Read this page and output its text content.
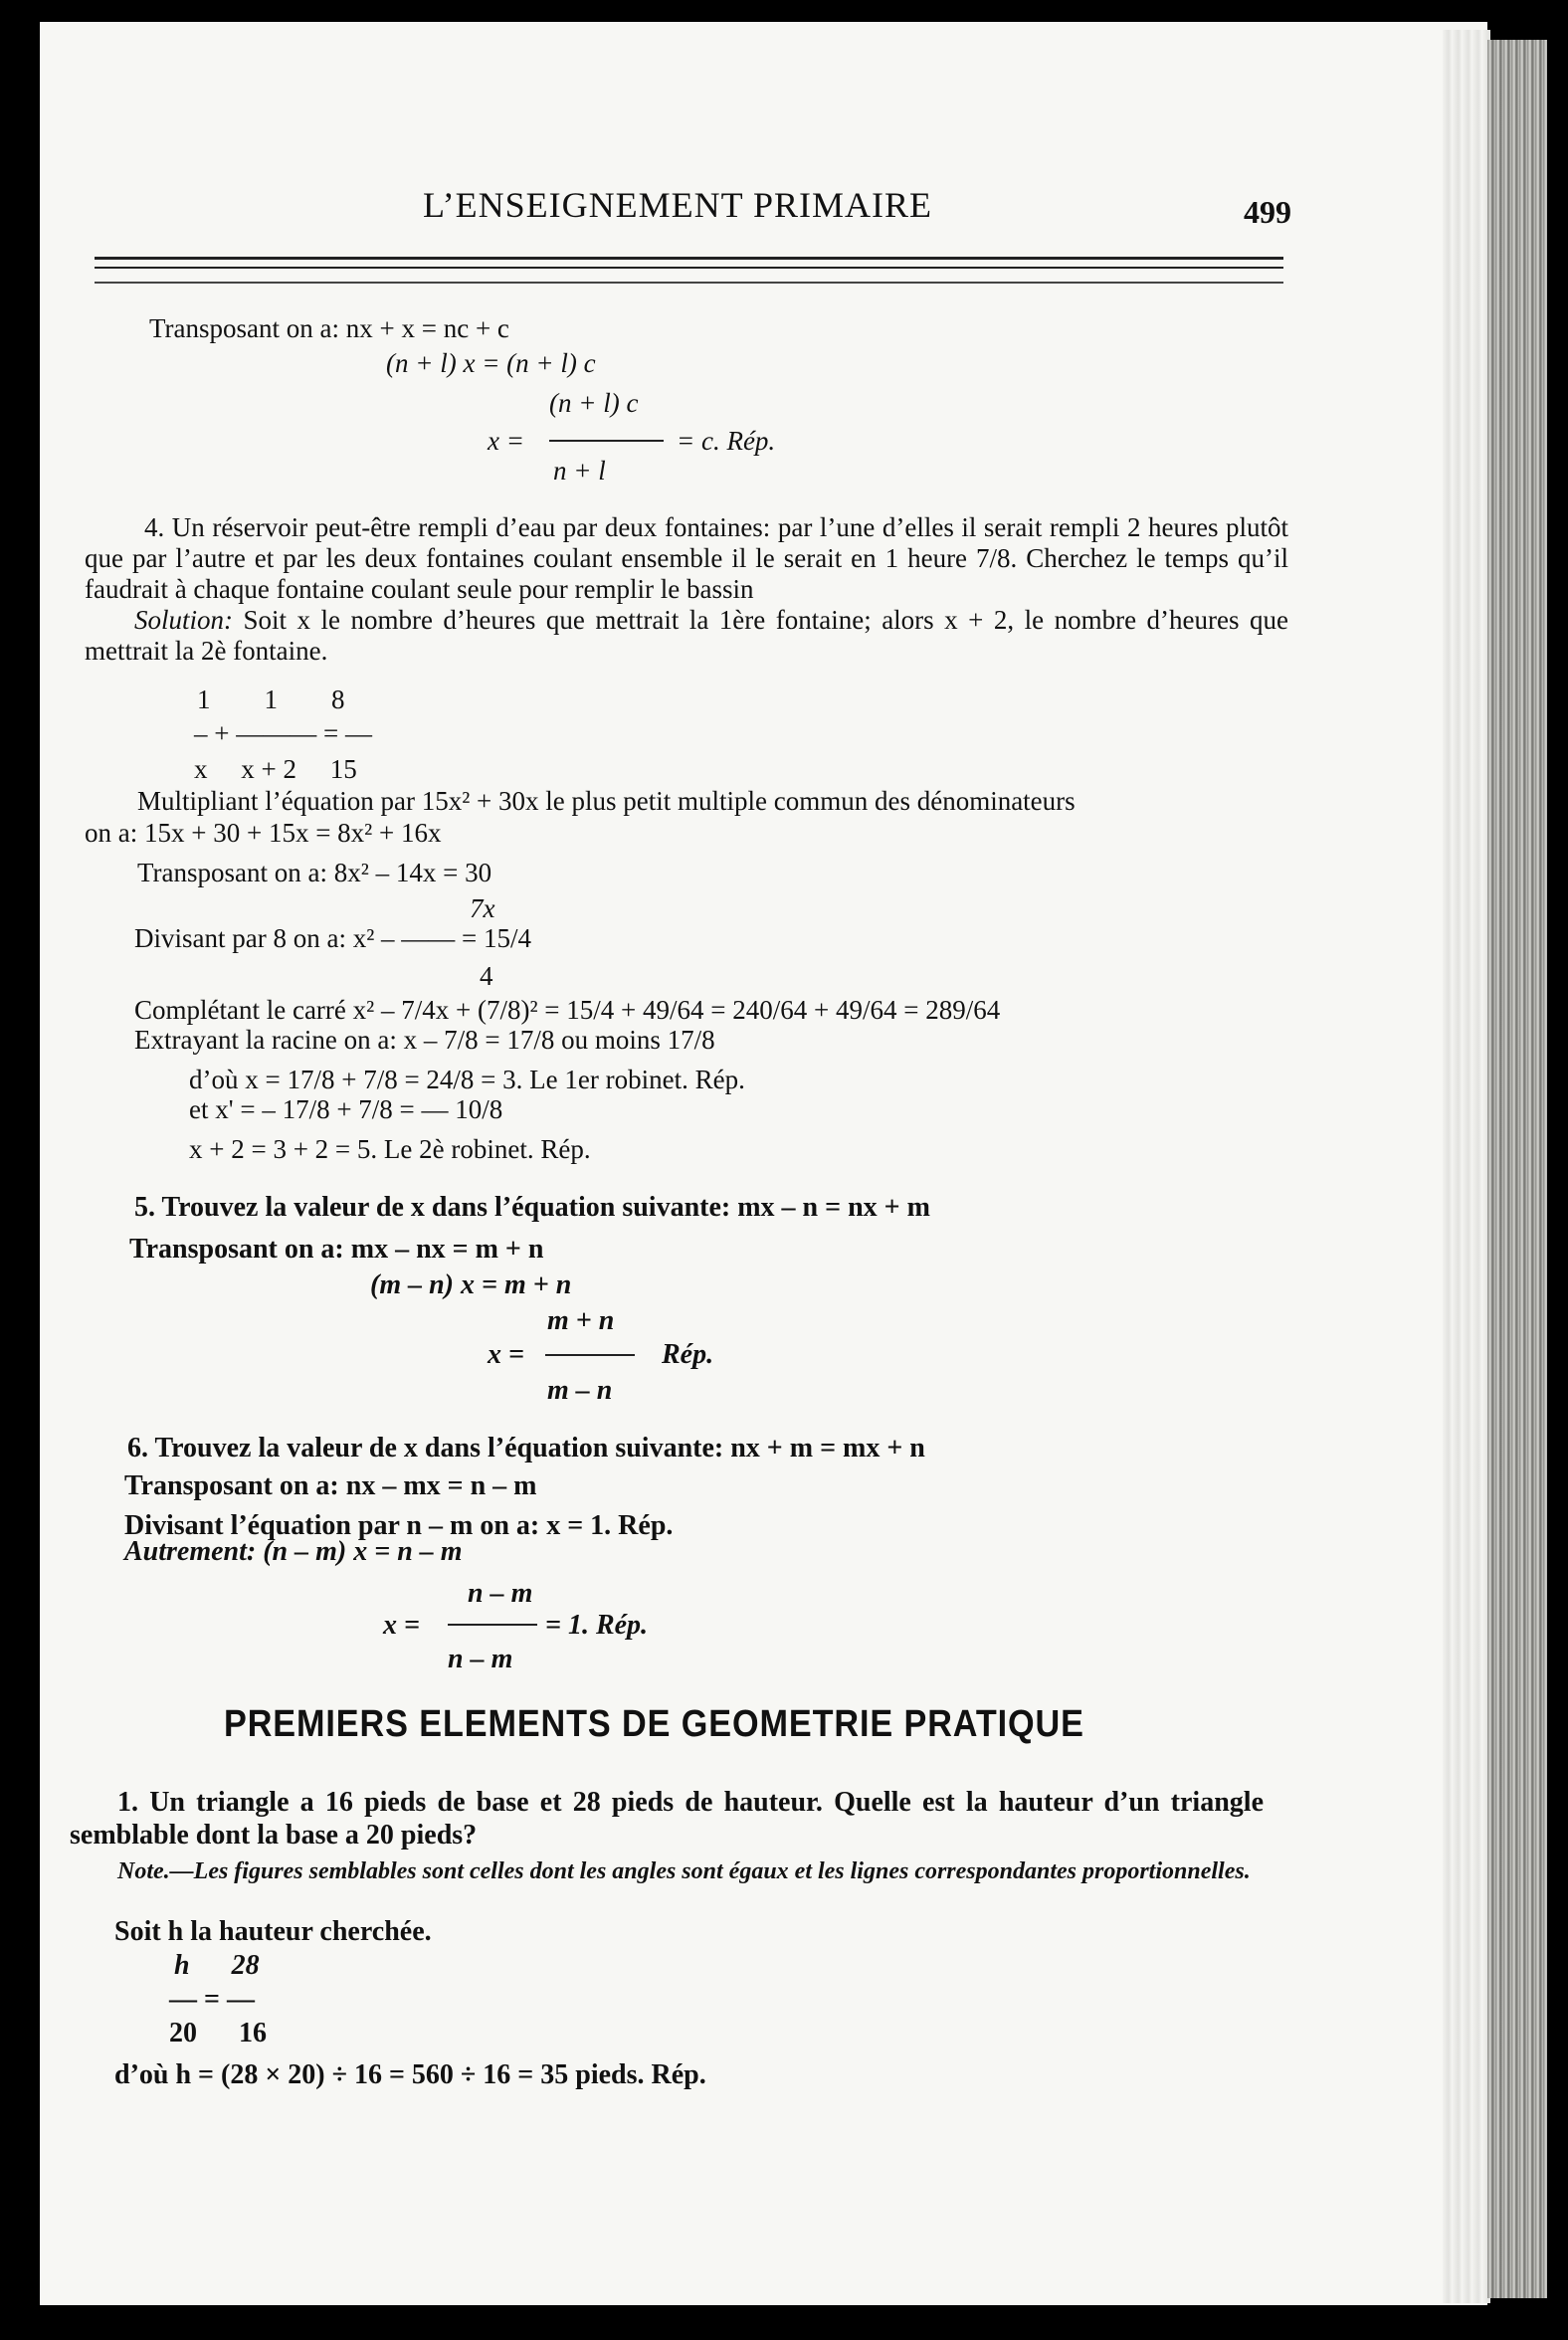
L’ENSEIGNEMENT PRIMAIRE	499
Transposant on a: nx + x = nc + c
(n + l) x = (n + l) c
(n + l) c
x =	= c. Rép.
n + l
4. Un réservoir peut-être rempli d’eau par deux fontaines: par l’une d’elles il serait rempli 2 heures plutôt que par l’autre et par les deux fontaines coulant ensemble il le serait en 1 heure 7/8. Cherchez le temps qu’il faudrait à chaque fontaine coulant seule pour remplir le bassin
Solution: Soit x le nombre d’heures que mettrait la 1ère fontaine; alors x + 2, le nombre d’heures que mettrait la 2è fontaine.
1        1        8
– + ——— = —
x     x + 2     15
Multipliant l’équation par 15x² + 30x le plus petit multiple commun des dénominateurs
on a: 15x + 30 + 15x = 8x² + 16x
Transposant on a: 8x² – 14x = 30
7x
Divisant par 8 on a: x² – —— = 15/4
4
Complétant le carré x² – 7/4x + (7/8)² = 15/4 + 49/64 = 240/64 + 49/64 = 289/64
Extrayant la racine on a: x – 7/8 = 17/8 ou moins 17/8
d’où x = 17/8 + 7/8 = 24/8 = 3. Le 1er robinet. Rép.
et x' = – 17/8 + 7/8 = — 10/8
x + 2 = 3 + 2 = 5. Le 2è robinet. Rép.
5. Trouvez la valeur de x dans l’équation suivante: mx – n = nx + m
Transposant on a: mx – nx = m + n
(m – n) x = m + n
m + n
x =	Rép.
m – n
6. Trouvez la valeur de x dans l’équation suivante: nx + m = mx + n
Transposant on a: nx – mx = n – m
Divisant l’équation par n – m on a: x = 1. Rép.
Autrement: (n – m) x = n – m
n – m
x =	= 1. Rép.
n – m
PREMIERS ELEMENTS DE GEOMETRIE PRATIQUE
1. Un triangle a 16 pieds de base et 28 pieds de hauteur. Quelle est la hauteur d’un triangle semblable dont la base a 20 pieds?
Note.—Les figures semblables sont celles dont les angles sont égaux et les lignes correspondantes proportionnelles.
Soit h la hauteur cherchée.
h      28
— = —
20      16
d’où h = (28 × 20) ÷ 16 = 560 ÷ 16 = 35 pieds. Rép.
